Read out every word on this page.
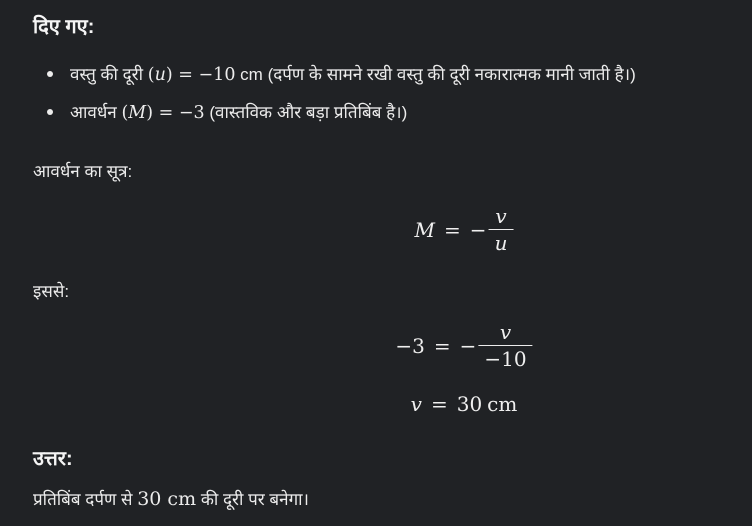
दिए गए:
वस्तु की दूरी (u) = −10 cm (दर्पण के सामने रखी वस्तु की दूरी नकारात्मक मानी जाती है।)
आवर्धन (M) = −3 (वास्तविक और बड़ा प्रतिबिंब है।)
आवर्धन का सूत्र:
M = − $\frac{v}{u}$
इससे:
−3 = − $\frac{v}{-10}$
v = 30 cm
उत्तर:
प्रतिबिंब दर्पण से 30 cm की दूरी पर बनेगा।
